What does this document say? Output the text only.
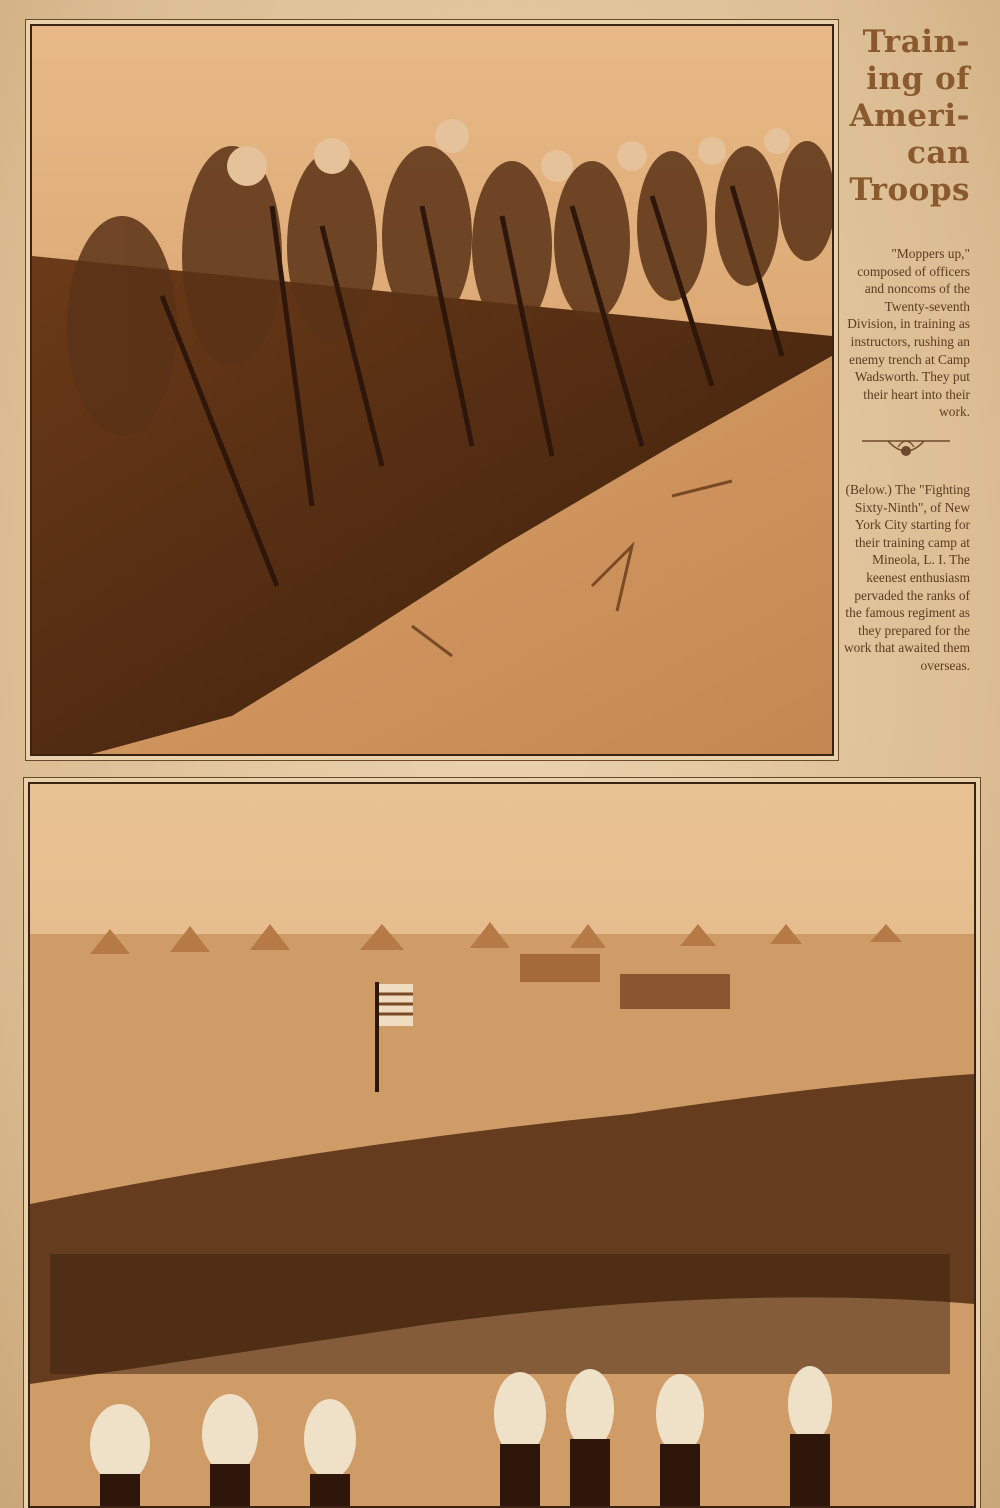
Train-
ing of
Ameri-
can
Troops

"Moppers up," composed of officers and noncoms of the Twenty-seventh Division, in training as instructors, rushing an enemy trench at Camp Wadsworth. They put their heart into their work.

(Below.) The "Fighting Sixty-Ninth", of New York City starting for their training camp at Mineola, L. I. The keenest enthusiasm pervaded the ranks of the famous regiment as they prepared for the work that awaited them overseas.
